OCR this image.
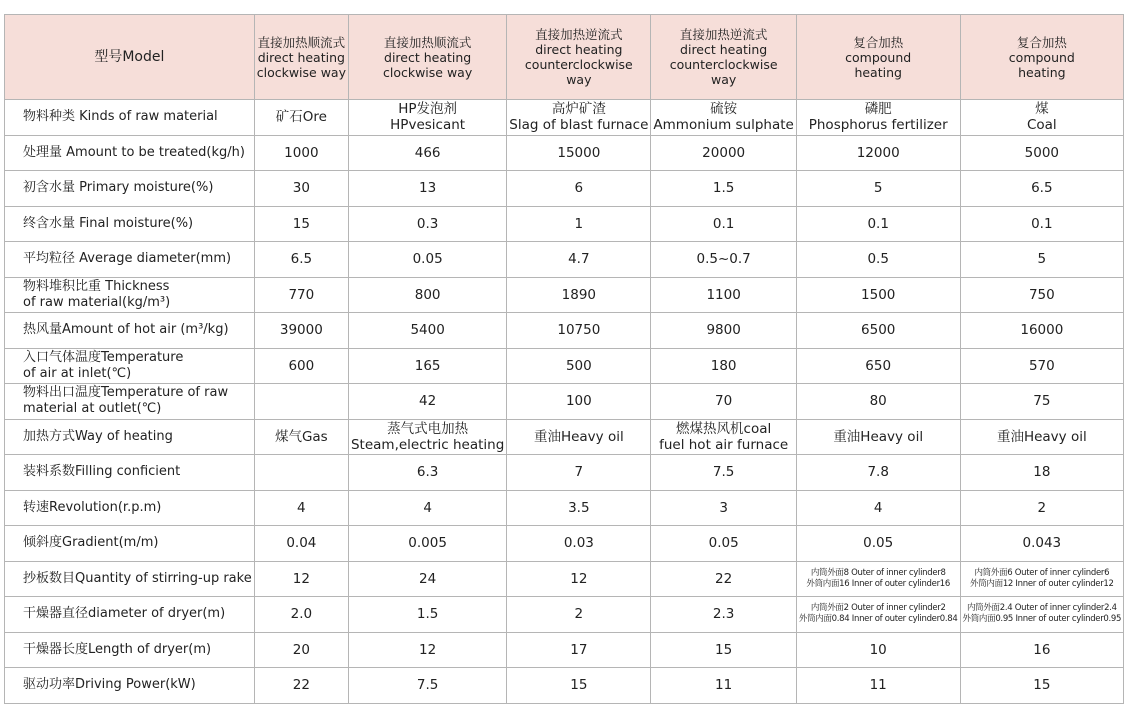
型号Model	直接加热顺流式
direct heating
clockwise way	直接加热顺流式
direct heating
clockwise way	直接加热逆流式
direct heating
counterclockwise
way	直接加热逆流式
direct heating
counterclockwise
way	复合加热
compound
heating	复合加热
compound
heating

物料种类 Kinds of raw material	矿石Ore	HP发泡剂
HPvesicant	高炉矿渣
Slag of blast furnace	硫铵
Ammonium sulphate	磷肥
Phosphorus fertilizer	煤
Coal

处理量 Amount to be treated(kg/h)	1000	466	15000	20000	12000	5000

初含水量 Primary moisture(%)	30	13	6	1.5	5	6.5

终含水量 Final moisture(%)	15	0.3	1	0.1	0.1	0.1

平均粒径 Average diameter(mm)	6.5	0.05	4.7	0.5~0.7	0.5	5

物料堆积比重 Thickness
of raw material(kg/m³)	770	800	1890	1100	1500	750

热风量Amount of hot air (m³/kg)	39000	5400	10750	9800	6500	16000

入口气体温度Temperature
of air at inlet(℃)	600	165	500	180	650	570

物料出口温度Temperature of raw
material at outlet(℃)		42	100	70	80	75

加热方式Way of heating	煤气Gas	蒸气式电加热
Steam,electric heating	重油Heavy oil	燃煤热风机coal
fuel hot air furnace	重油Heavy oil	重油Heavy oil

装料系数Filling conficient		6.3	7	7.5	7.8	18

转速Revolution(r.p.m)	4	4	3.5	3	4	2

倾斜度Gradient(m/m)	0.04	0.005	0.03	0.05	0.05	0.043

抄板数目Quantity of stirring-up rake	12	24	12	22	内筒外面8 Outer of inner cylinder8
外筒内面16 Inner of outer cylinder16	内筒外面6 Outer of inner cylinder6
外筒内面12 Inner of outer cylinder12

干燥器直径diameter of dryer(m)	2.0	1.5	2	2.3	内筒外面2 Outer of inner cylinder2
外筒内面0.84 Inner of outer cylinder0.84	内筒外面2.4 Outer of inner cylinder2.4
外筒内面0.95 Inner of outer cylinder0.95

干燥器长度Length of dryer(m)	20	12	17	15	10	16

驱动功率Driving Power(kW)	22	7.5	15	11	11	15
